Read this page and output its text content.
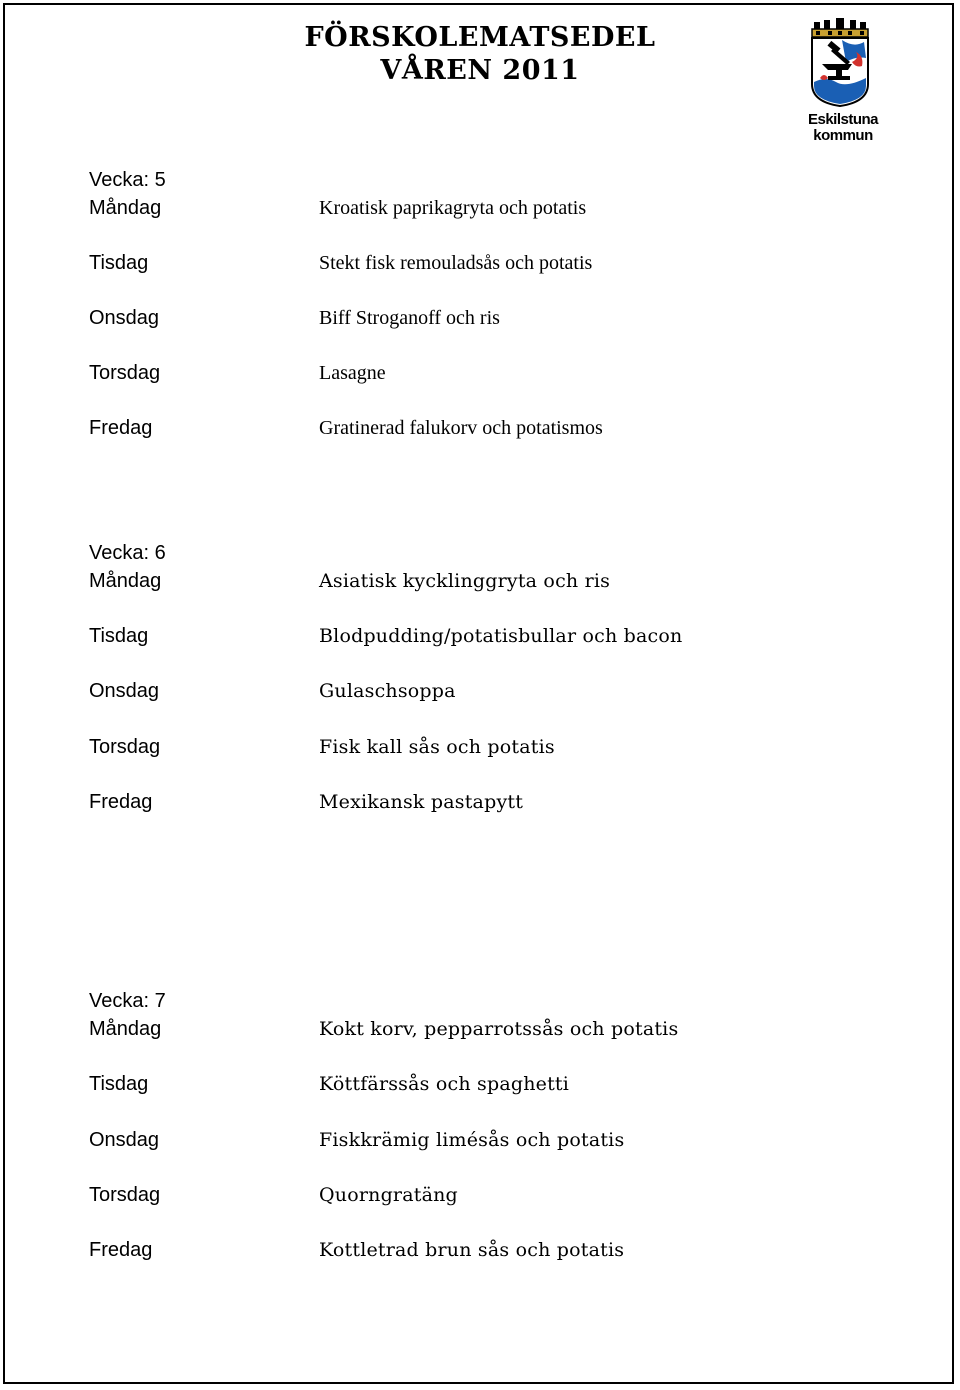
FÖRSKOLEMATSEDEL
VÅREN 2011
Eskilstuna
kommun
Vecka: 5
Måndag	Kroatisk paprikagryta och potatis
Tisdag	Stekt fisk remouladsås och potatis
Onsdag	Biff Stroganoff och ris
Torsdag	Lasagne
Fredag	Gratinerad falukorv och potatismos
Vecka: 6
Måndag	Asiatisk kycklinggryta och ris
Tisdag	Blodpudding/potatisbullar och bacon
Onsdag	Gulaschsoppa
Torsdag	Fisk kall sås och potatis
Fredag	Mexikansk pastapytt
Vecka: 7
Måndag	Kokt korv, pepparrotssås och potatis
Tisdag	Köttfärssås och spaghetti
Onsdag	Fiskkrämig limésås och potatis
Torsdag	Quorngratäng
Fredag	Kottletrad brun sås och potatis
